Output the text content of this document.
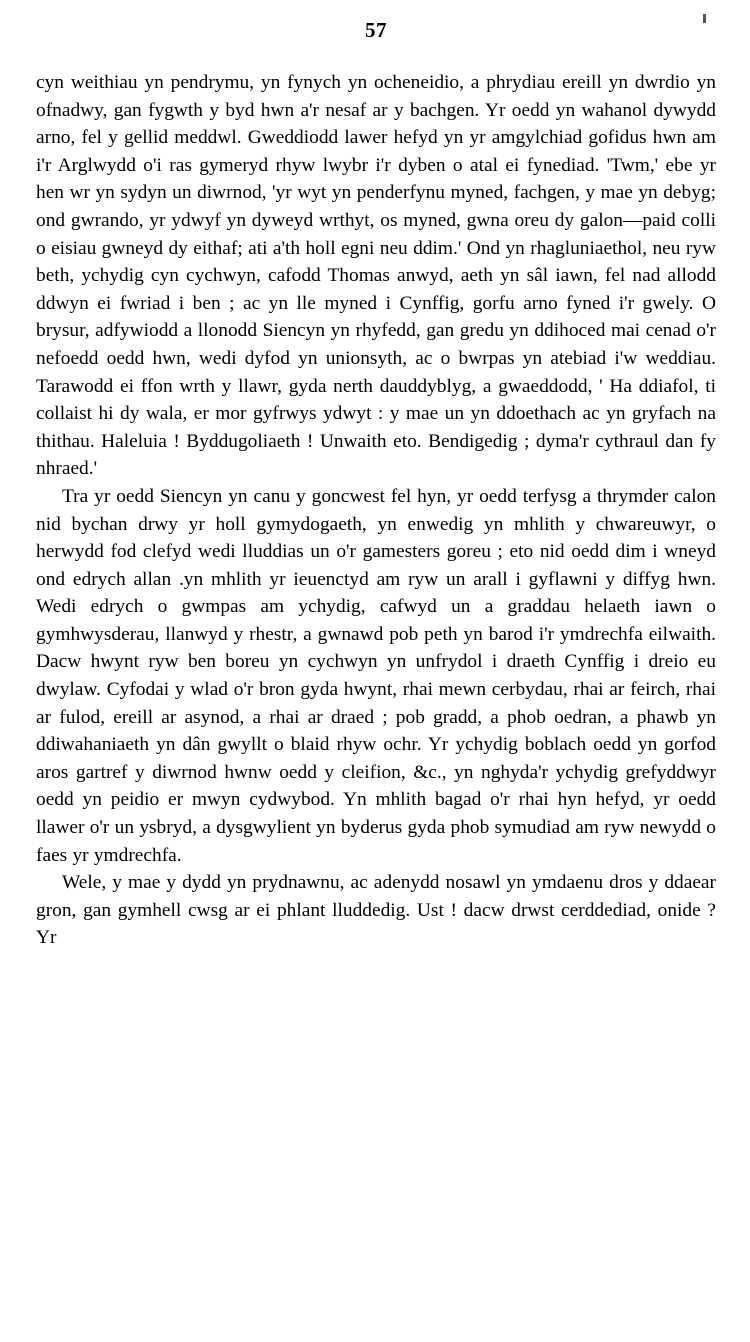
57

cyn weithiau yn pendrymu, yn fynych yn ocheneidio, a phrydiau ereill yn dwrdio yn ofnadwy, gan fygwth y byd hwn a'r nesaf ar y bachgen. Yr oedd yn wahanol dywydd arno, fel y gellid meddwl. Gweddiodd lawer hefyd yn yr amgylchiad gofidus hwn am i'r Arglwydd o'i ras gymeryd rhyw lwybr i'r dyben o atal ei fynediad. 'Twm,' ebe yr hen wr yn sydyn un diwrnod, 'yr wyt yn penderfynu myned, fachgen, y mae yn debyg; ond gwrando, yr ydwyf yn dyweyd wrthyt, os myned, gwna oreu dy galon—paid colli o eisiau gwneyd dy eithaf; ati a'th holl egni neu ddim.' Ond yn rhagluniaethol, neu ryw beth, ychydig cyn cychwyn, cafodd Thomas anwyd, aeth yn sâl iawn, fel nad allodd ddwyn ei fwriad i ben ; ac yn lle myned i Cynffig, gorfu arno fyned i'r gwely. O brysur, adfywiodd a llonodd Siencyn yn rhyfedd, gan gredu yn ddihoced mai cenad o'r nefoedd oedd hwn, wedi dyfod yn unionsyth, ac o bwrpas yn atebiad i'w weddiau. Tarawodd ei ffon wrth y llawr, gyda nerth dauddyblyg, a gwaeddodd, ' Ha ddiafol, ti collaist hi dy wala, er mor gyfrwys ydwyt : y mae un yn ddoethach ac yn gryfach na thithau. Haleluia ! Byddugoliaeth ! Unwaith eto. Bendigedig ; dyma'r cythraul dan fy nhraed.'

Tra yr oedd Siencyn yn canu y goncwest fel hyn, yr oedd terfysg a thrymder calon nid bychan drwy yr holl gymydogaeth, yn enwedig yn mhlith y chwareuwyr, o herwydd fod clefyd wedi lluddias un o'r gamesters goreu ; eto nid oedd dim i wneyd ond edrych allan .yn mhlith yr ieuenctyd am ryw un arall i gyflawni y diffyg hwn. Wedi edrych o gwmpas am ychydig, cafwyd un a graddau helaeth iawn o gymhwysderau, llanwyd y rhestr, a gwnawd pob peth yn barod i'r ymdrechfa eilwaith. Dacw hwynt ryw ben boreu yn cychwyn yn unfrydol i draeth Cynffig i dreio eu dwylaw. Cyfodai y wlad o'r bron gyda hwynt, rhai mewn cerbydau, rhai ar feirch, rhai ar fulod, ereill ar asynod, a rhai ar draed ; pob gradd, a phob oedran, a phawb yn ddiwahaniaeth yn dân gwyllt o blaid rhyw ochr. Yr ychydig boblach oedd yn gorfod aros gartref y diwrnod hwnw oedd y cleifion, &c., yn nghyda'r ychydig grefyddwyr oedd yn peidio er mwyn cydwybod. Yn mhlith bagad o'r rhai hyn hefyd, yr oedd llawer o'r un ysbryd, a dysgwylient yn byderus gyda phob symudiad am ryw newydd o faes yr ymdrechfa.

Wele, y mae y dydd yn prydnawnu, ac adenydd nosawl yn ymdaenu dros y ddaear gron, gan gymhell cwsg ar ei phlant lluddedig. Ust ! dacw drwst cerddediad, onide ? Yr
